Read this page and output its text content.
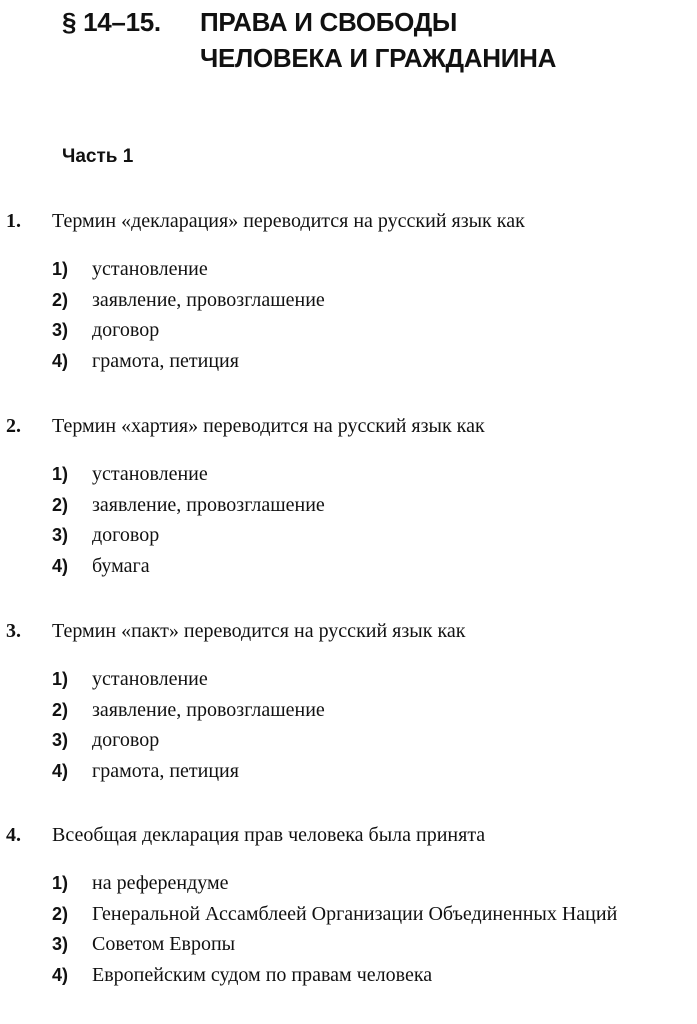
§ 14–15. ПРАВА И СВОБОДЫ
ЧЕЛОВЕКА И ГРАЖДАНИНА
Часть 1
1. Термин «декларация» переводится на русский язык как
1) установление
2) заявление, провозглашение
3) договор
4) грамота, петиция
2. Термин «хартия» переводится на русский язык как
1) установление
2) заявление, провозглашение
3) договор
4) бумага
3. Термин «пакт» переводится на русский язык как
1) установление
2) заявление, провозглашение
3) договор
4) грамота, петиция
4. Всеобщая декларация прав человека была принята
1) на референдуме
2) Генеральной Ассамблеей Организации Объединенных Наций
3) Советом Европы
4) Европейским судом по правам человека
